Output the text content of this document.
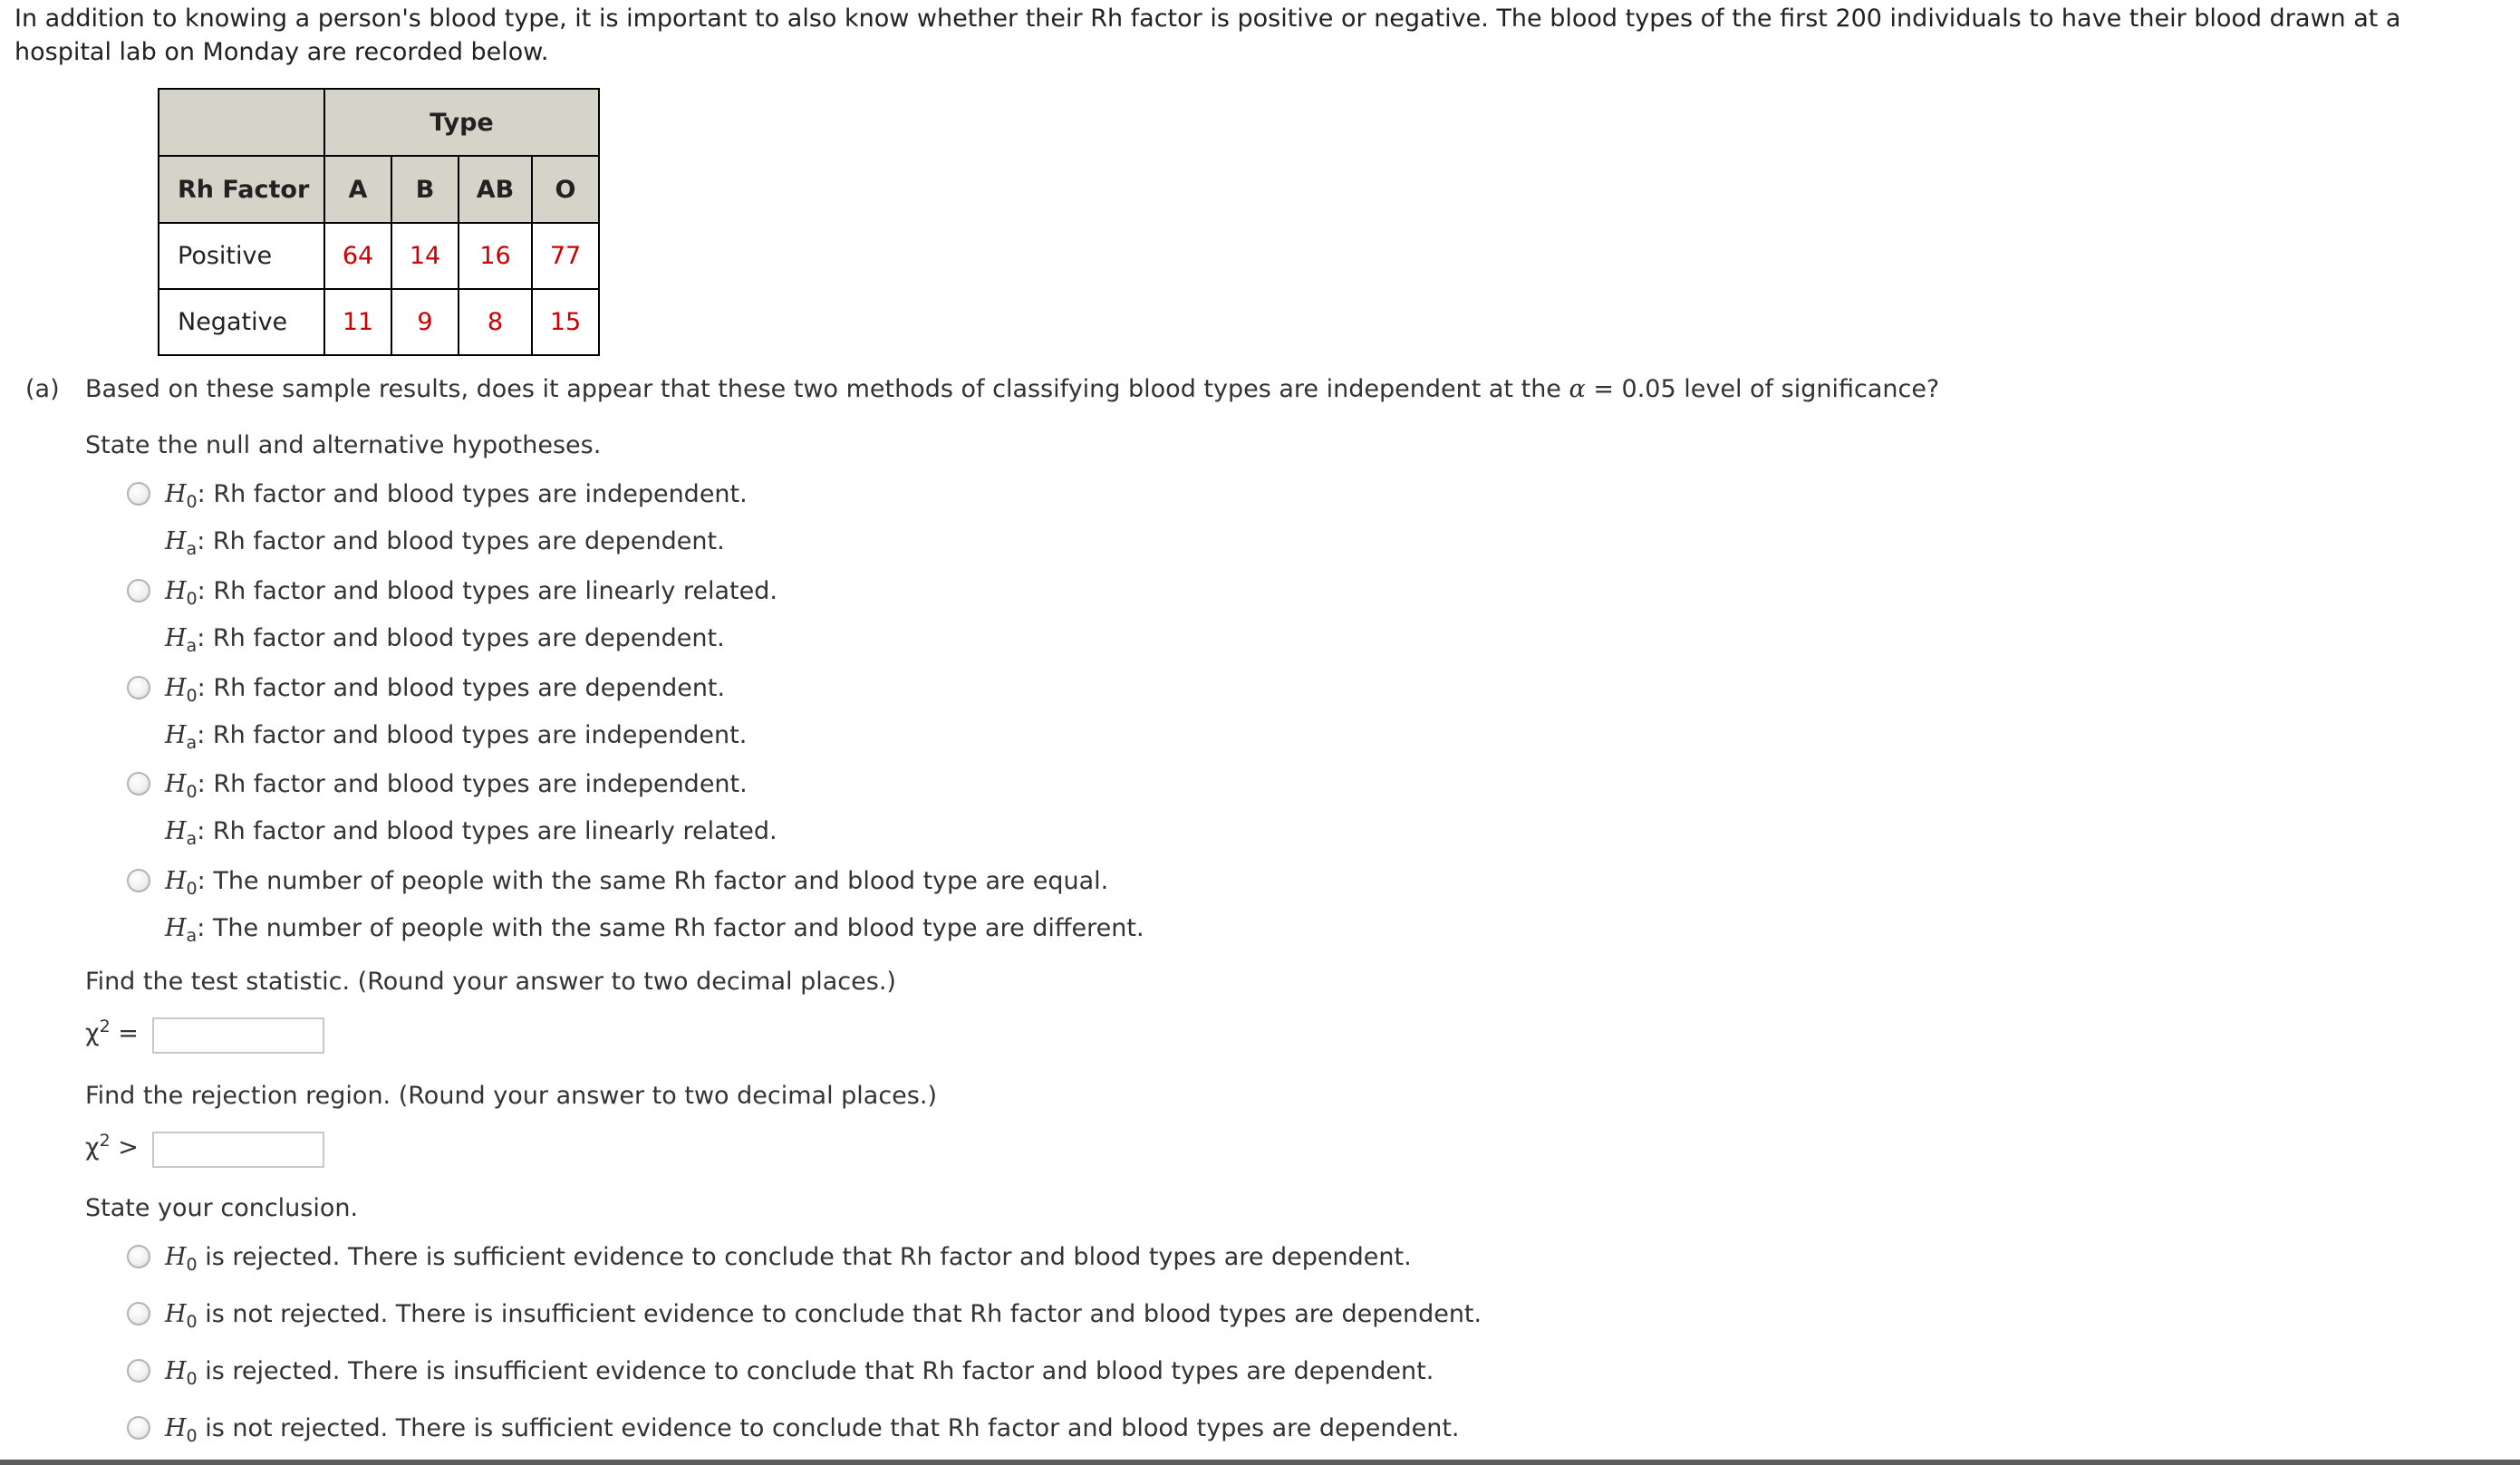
In addition to knowing a person's blood type, it is important to also know whether their Rh factor is positive or negative. The blood types of the first 200 individuals to have their blood drawn at a hospital lab on Monday are recorded below.
	Type			
Rh Factor	A	B	AB	O
Positive	64	14	16	77
Negative	11	9	8	15
(a) Based on these sample results, does it appear that these two methods of classifying blood types are independent at the α = 0.05 level of significance?
State the null and alternative hypotheses.
$H_0$: Rh factor and blood types are independent.
$H_a$: Rh factor and blood types are dependent.
$H_0$: Rh factor and blood types are linearly related.
$H_a$: Rh factor and blood types are dependent.
$H_0$: Rh factor and blood types are dependent.
$H_a$: Rh factor and blood types are independent.
$H_0$: Rh factor and blood types are independent.
$H_a$: Rh factor and blood types are linearly related.
$H_0$: The number of people with the same Rh factor and blood type are equal.
$H_a$: The number of people with the same Rh factor and blood type are different.
Find the test statistic. (Round your answer to two decimal places.)
$\chi^2$ =
Find the rejection region. (Round your answer to two decimal places.)
$\chi^2$ >
State your conclusion.
$H_0$ is rejected. There is sufficient evidence to conclude that Rh factor and blood types are dependent.
$H_0$ is not rejected. There is insufficient evidence to conclude that Rh factor and blood types are dependent.
$H_0$ is rejected. There is insufficient evidence to conclude that Rh factor and blood types are dependent.
$H_0$ is not rejected. There is sufficient evidence to conclude that Rh factor and blood types are dependent.
